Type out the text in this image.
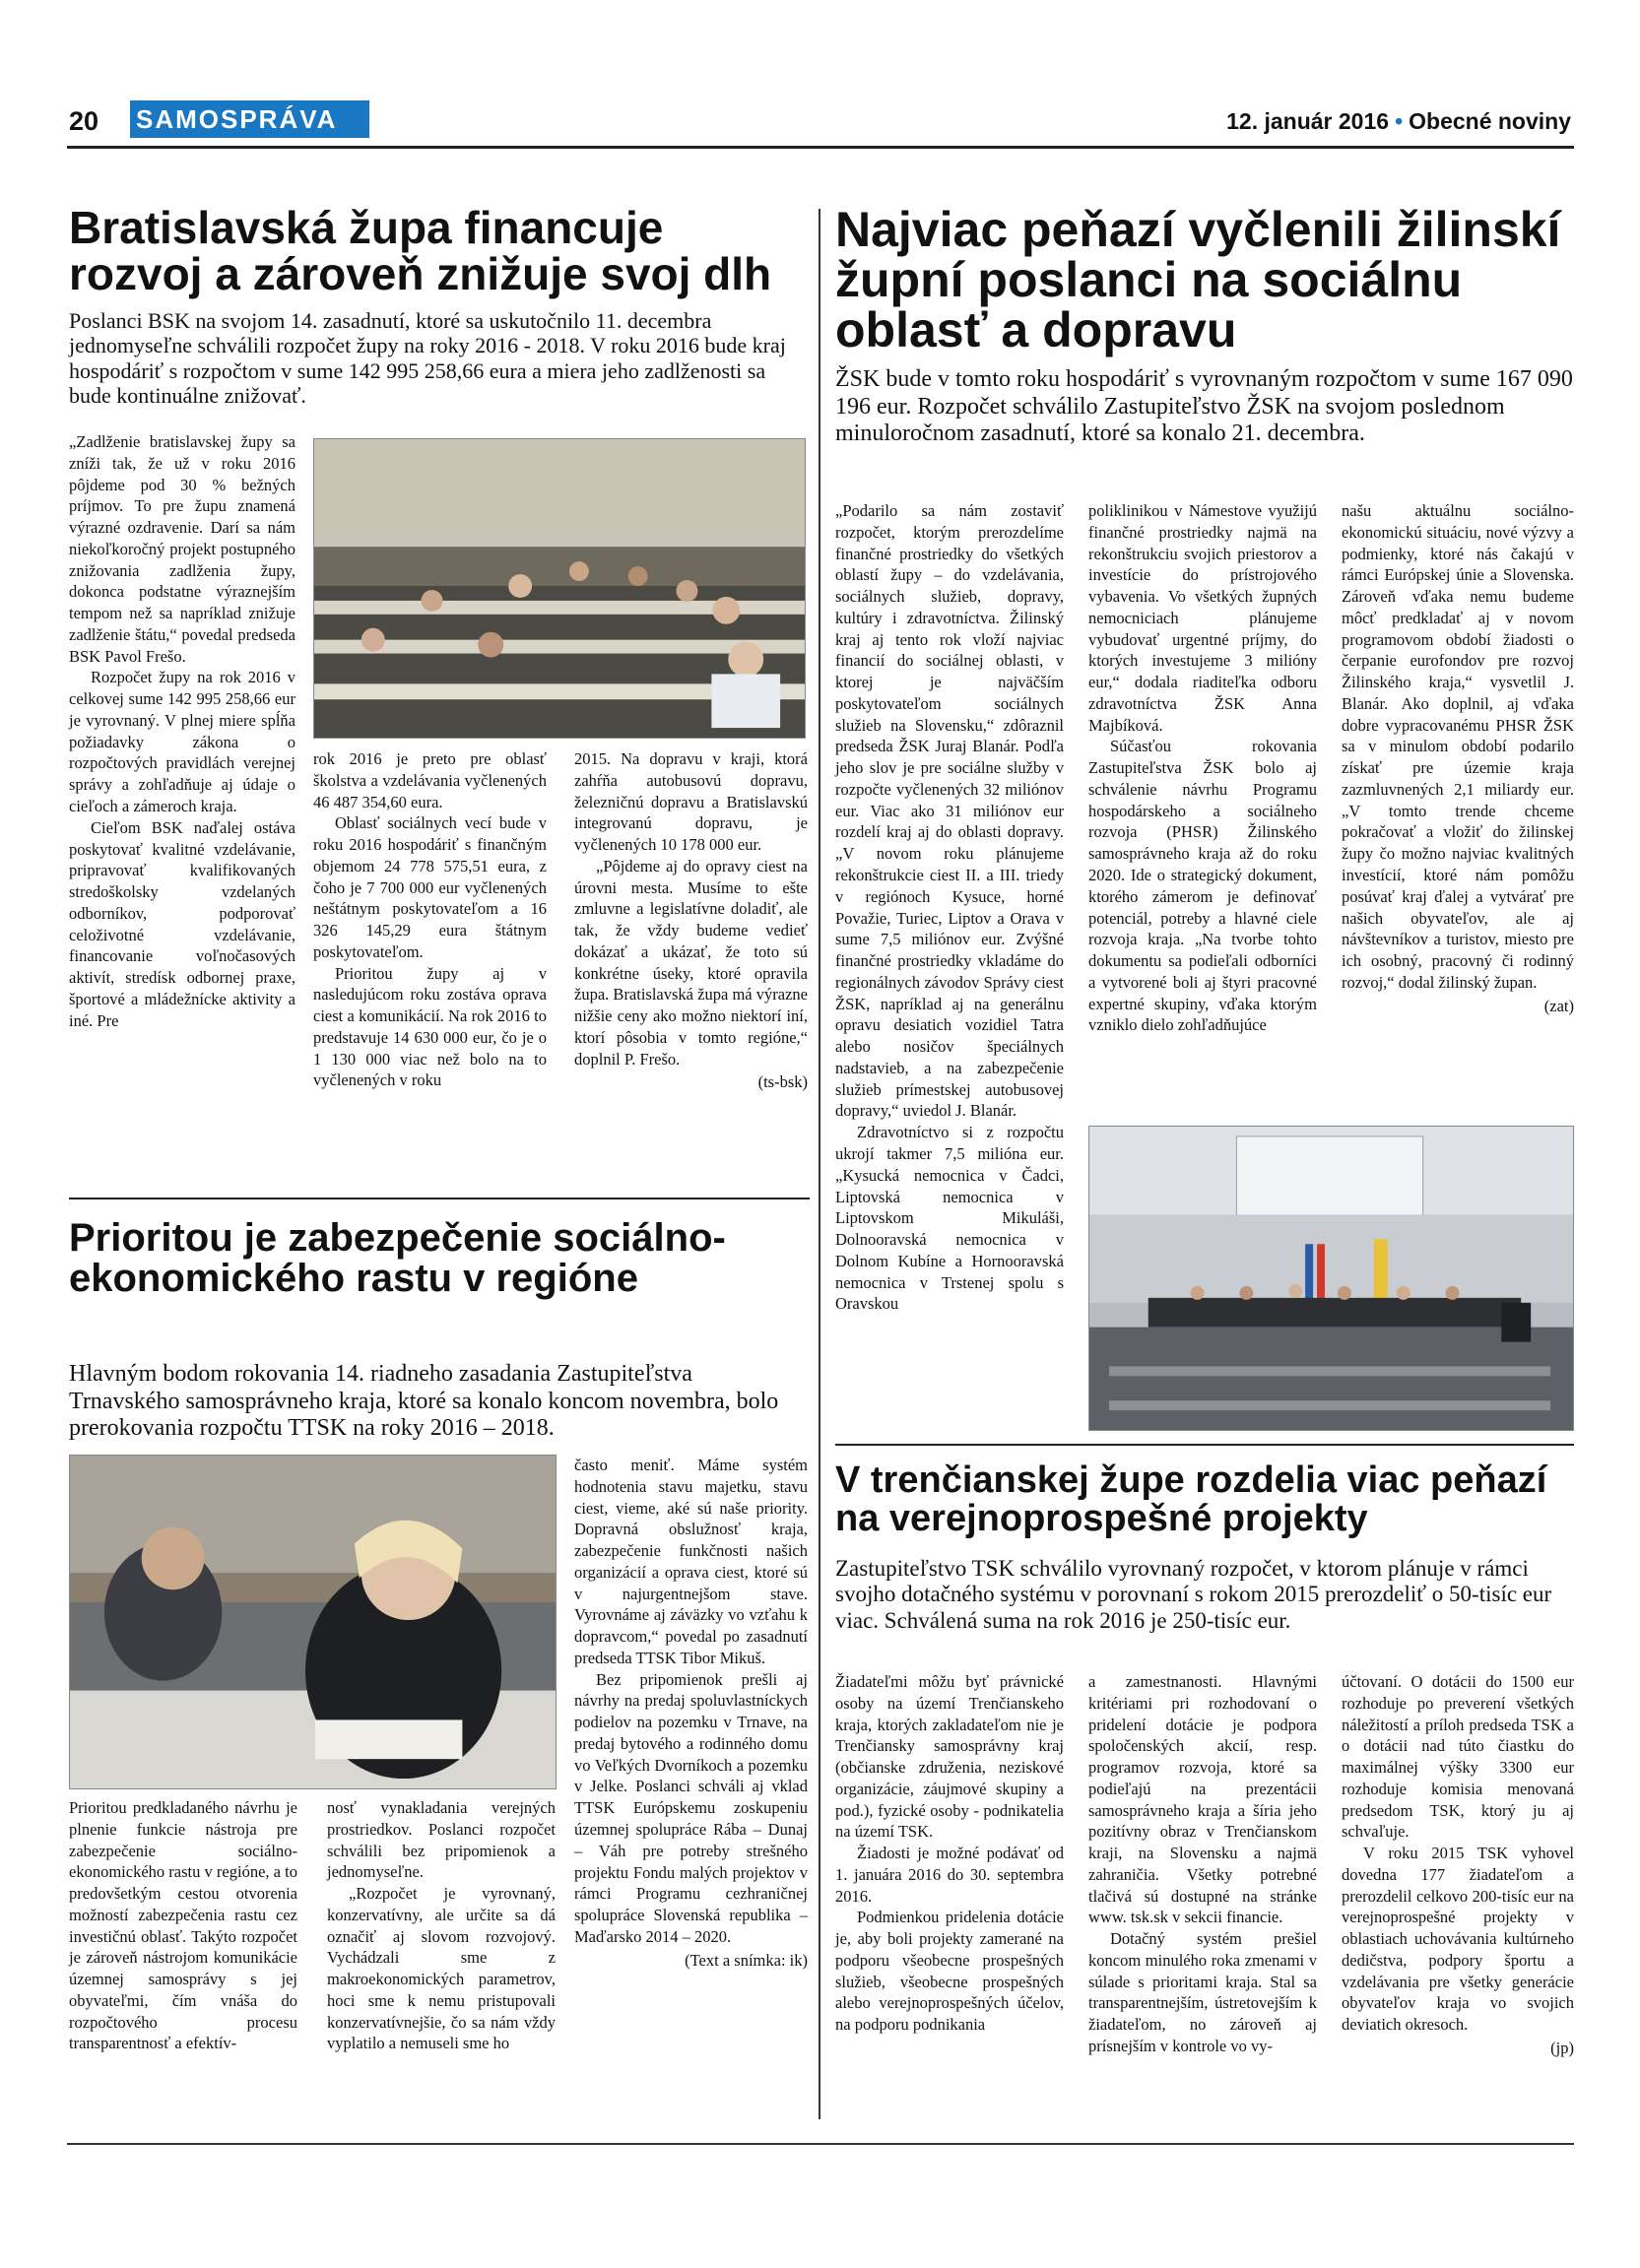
20 SAMOSPRÁVA	12. január 2016 • Obecné noviny
Bratislavská župa financuje rozvoj a zároveň znižuje svoj dlh

Poslanci BSK na svojom 14. zasadnutí, ktoré sa uskutočnilo 11. decembra jednomyseľne schválili rozpočet župy na roky 2016 - 2018. V roku 2016 bude kraj hospodáriť s rozpočtom v sume 142 995 258,66 eura a miera jeho zadlženosti sa bude kontinuálne znižovať.

„Zadlženie bratislavskej župy sa zníži tak, že už v roku 2016 pôjdeme pod 30 % bežných príjmov. To pre župu znamená výrazné ozdravenie. Darí sa nám niekoľkoročný projekt postupného znižovania zadlženia župy, dokonca podstatne výraznejším tempom než sa napríklad znižuje zadlženie štátu,“ povedal predseda BSK Pavol Frešo.

Rozpočet župy na rok 2016 v celkovej sume 142 995 258,66 eur je vyrovnaný. V plnej miere spĺňa požiadavky zákona o rozpočtových pravidlách verejnej správy a zohľadňuje aj údaje o cieľoch a zámeroch kraja.

Cieľom BSK naďalej ostáva poskytovať kvalitné vzdelávanie, pripravovať kvalifikovaných stredoškolsky vzdelaných odborníkov, podporovať celoživotné vzdelávanie, financovanie voľnočasových aktivít, stredísk odbornej praxe, športové a mládežnícke aktivity a iné. Pre

rok 2016 je preto pre oblasť školstva a vzdelávania vyčlenených 46 487 354,60 eura.

Oblasť sociálnych vecí bude v roku 2016 hospodáriť s finančným objemom 24 778 575,51 eura, z čoho je 7 700 000 eur vyčlenených neštátnym poskytovateľom a 16 326 145,29 eura štátnym poskytovateľom.

Prioritou župy aj v nasledujúcom roku zostáva oprava ciest a komunikácií. Na rok 2016 to predstavuje 14 630 000 eur, čo je o 1 130 000 viac než bolo na to vyčlenených v roku

2015. Na dopravu v kraji, ktorá zahŕňa autobusovú dopravu, železničnú dopravu a Bratislavskú integrovanú dopravu, je vyčlenených 10 178 000 eur.

„Pôjdeme aj do opravy ciest na úrovni mesta. Musíme to ešte zmluvne a legislatívne doladiť, ale tak, že vždy budeme vedieť dokázať a ukázať, že toto sú konkrétne úseky, ktoré opravila župa. Bratislavská župa má výrazne nižšie ceny ako možno niektorí iní, ktorí pôsobia v tomto regióne,“ doplnil P. Frešo.

(ts-bsk)
Najviac peňazí vyčlenili žilinskí župní poslanci na sociálnu oblasť a dopravu

ŽSK bude v tomto roku hospodáriť s vyrovnaným rozpočtom v sume 167 090 196 eur. Rozpočet schválilo Zastupiteľstvo ŽSK na svojom poslednom minuloročnom zasadnutí, ktoré sa konalo 21. decembra.

„Podarilo sa nám zostaviť rozpočet, ktorým prerozdelíme finančné prostriedky do všetkých oblastí župy – do vzdelávania, sociálnych služieb, dopravy, kultúry i zdravotníctva. Žilinský kraj aj tento rok vloží najviac financií do sociálnej oblasti, v ktorej je najväčším poskytovateľom sociálnych služieb na Slovensku,“ zdôraznil predseda ŽSK Juraj Blanár. Podľa jeho slov je pre sociálne služby v rozpočte vyčlenených 32 miliónov eur. Viac ako 31 miliónov eur rozdelí kraj aj do oblasti dopravy. „V novom roku plánujeme rekonštrukcie ciest II. a III. triedy v regiónoch Kysuce, horné Považie, Turiec, Liptov a Orava v sume 7,5 miliónov eur. Zvýšné finančné prostriedky vkladáme do regionálnych závodov Správy ciest ŽSK, napríklad aj na generálnu opravu desiatich vozidiel Tatra alebo nosičov špeciálnych nadstavieb, a na zabezpečenie služieb prímestskej autobusovej dopravy,“ uviedol J. Blanár.

Zdravotníctvo si z rozpočtu ukrojí takmer 7,5 milióna eur. „Kysucká nemocnica v Čadci, Liptovská nemocnica v Liptovskom Mikuláši, Dolnooravská nemocnica v Dolnom Kubíne a Hornooravská nemocnica v Trstenej spolu s Oravskou

poliklinikou v Námestove využijú finančné prostriedky najmä na rekonštrukciu svojich priestorov a investície do prístrojového vybavenia. Vo všetkých župných nemocniciach plánujeme vybudovať urgentné príjmy, do ktorých investujeme 3 milióny eur,“ dodala riaditeľka odboru zdravotníctva ŽSK Anna Majbíková.

Súčasťou rokovania Zastupiteľstva ŽSK bolo aj schválenie návrhu Programu hospodárskeho a sociálneho rozvoja (PHSR) Žilinského samosprávneho kraja až do roku 2020. Ide o strategický dokument, ktorého zámerom je definovať potenciál, potreby a hlavné ciele rozvoja kraja. „Na tvorbe tohto dokumentu sa podieľali odborníci a vytvorené boli aj štyri pracovné expertné skupiny, vďaka ktorým vzniklo dielo zohľadňujúce

našu aktuálnu sociálno-ekonomickú situáciu, nové výzvy a podmienky, ktoré nás čakajú v rámci Európskej únie a Slovenska. Zároveň vďaka nemu budeme môcť predkladať aj v novom programovom období žiadosti o čerpanie eurofondov pre rozvoj Žilinského kraja,“ vysvetlil J. Blanár. Ako doplnil, aj vďaka dobre vypracovanému PHSR ŽSK sa v minulom období podarilo získať pre územie kraja zazmluvnených 2,1 miliardy eur. „V tomto trende chceme pokračovať a vložiť do žilinskej župy čo možno najviac kvalitných investícií, ktoré nám pomôžu posúvať kraj ďalej a vytvárať pre našich obyvateľov, ale aj návštevníkov a turistov, miesto pre ich osobný, pracovný či rodinný rozvoj,“ dodal žilinský župan.

(zat)
Prioritou je zabezpečenie sociálno-ekonomického rastu v regióne

Hlavným bodom rokovania 14. riadneho zasadania Zastupiteľstva Trnavského samosprávneho kraja, ktoré sa konalo koncom novembra, bolo prerokovania rozpočtu TTSK na roky 2016 – 2018.

Prioritou predkladaného návrhu je plnenie funkcie nástroja pre zabezpečenie sociálno-ekonomického rastu v regióne, a to predovšetkým cestou otvorenia možností zabezpečenia rastu cez investičnú oblasť. Takýto rozpočet je zároveň nástrojom komunikácie územnej samosprávy s jej obyvateľmi, čím vnáša do rozpočtového procesu transparentnosť a efektív-

nosť vynakladania verejných prostriedkov. Poslanci rozpočet schválili bez pripomienok a jednomyseľne.

„Rozpočet je vyrovnaný, konzervatívny, ale určite sa dá označiť aj slovom rozvojový. Vychádzali sme z makroekonomických parametrov, hoci sme k nemu pristupovali konzervatívnejšie, čo sa nám vždy vyplatilo a nemuseli sme ho

často meniť. Máme systém hodnotenia stavu majetku, stavu ciest, vieme, aké sú naše priority. Dopravná obslužnosť kraja, zabezpečenie funkčnosti našich organizácií a oprava ciest, ktoré sú v najurgentnejšom stave. Vyrovnáme aj záväzky vo vzťahu k dopravcom,“ povedal po zasadnutí predseda TTSK Tibor Mikuš.

Bez pripomienok prešli aj návrhy na predaj spoluvlastníckych podielov na pozemku v Trnave, na predaj bytového a rodinného domu vo Veľkých Dvorníkoch a pozemku v Jelke. Poslanci schváli aj vklad TTSK Európskemu zoskupeniu územnej spolupráce Rába – Dunaj – Váh pre potreby strešného projektu Fondu malých projektov v rámci Programu cezhraničnej spolupráce Slovenská republika – Maďarsko 2014 – 2020.

(Text a snímka: ik)
V trenčianskej župe rozdelia viac peňazí na verejnoprospešné projekty

Zastupiteľstvo TSK schválilo vyrovnaný rozpočet, v ktorom plánuje v rámci svojho dotačného systému v porovnaní s rokom 2015 prerozdeliť o 50-tisíc eur viac. Schválená suma na rok 2016 je 250-tisíc eur.

Žiadateľmi môžu byť právnické osoby na území Trenčianskeho kraja, ktorých zakladateľom nie je Trenčiansky samosprávny kraj (občianske združenia, neziskové organizácie, záujmové skupiny a pod.), fyzické osoby - podnikatelia na území TSK.

Žiadosti je možné podávať od 1. januára 2016 do 30. septembra 2016.

Podmienkou pridelenia dotácie je, aby boli projekty zamerané na podporu všeobecne prospešných služieb, všeobecne prospešných alebo verejnoprospešných účelov, na podporu podnikania

a zamestnanosti. Hlavnými kritériami pri rozhodovaní o pridelení dotácie je podpora spoločenských akcií, resp. programov rozvoja, ktoré sa podieľajú na prezentácii samosprávneho kraja a šíria jeho pozitívny obraz v Trenčianskom kraji, na Slovensku a najmä zahraničia. Všetky potrebné tlačivá sú dostupné na stránke www. tsk.sk v sekcii financie.

Dotačný systém prešiel koncom minulého roka zmenami v súlade s prioritami kraja. Stal sa transparentnejším, ústretovejším k žiadateľom, no zároveň aj prísnejším v kontrole vo vy-

účtovaní. O dotácii do 1500 eur rozhoduje po preverení všetkých náležitostí a príloh predseda TSK a o dotácii nad túto čiastku do maximálnej výšky 3300 eur rozhoduje komisia menovaná predsedom TSK, ktorý ju aj schvaľuje.

V roku 2015 TSK vyhovel dovedna 177 žiadateľom a prerozdelil celkovo 200-tisíc eur na verejnoprospešné projekty v oblastiach uchovávania kultúrneho dedičstva, podpory športu a vzdelávania pre všetky generácie obyvateľov kraja vo svojich deviatich okresoch.

(jp)
